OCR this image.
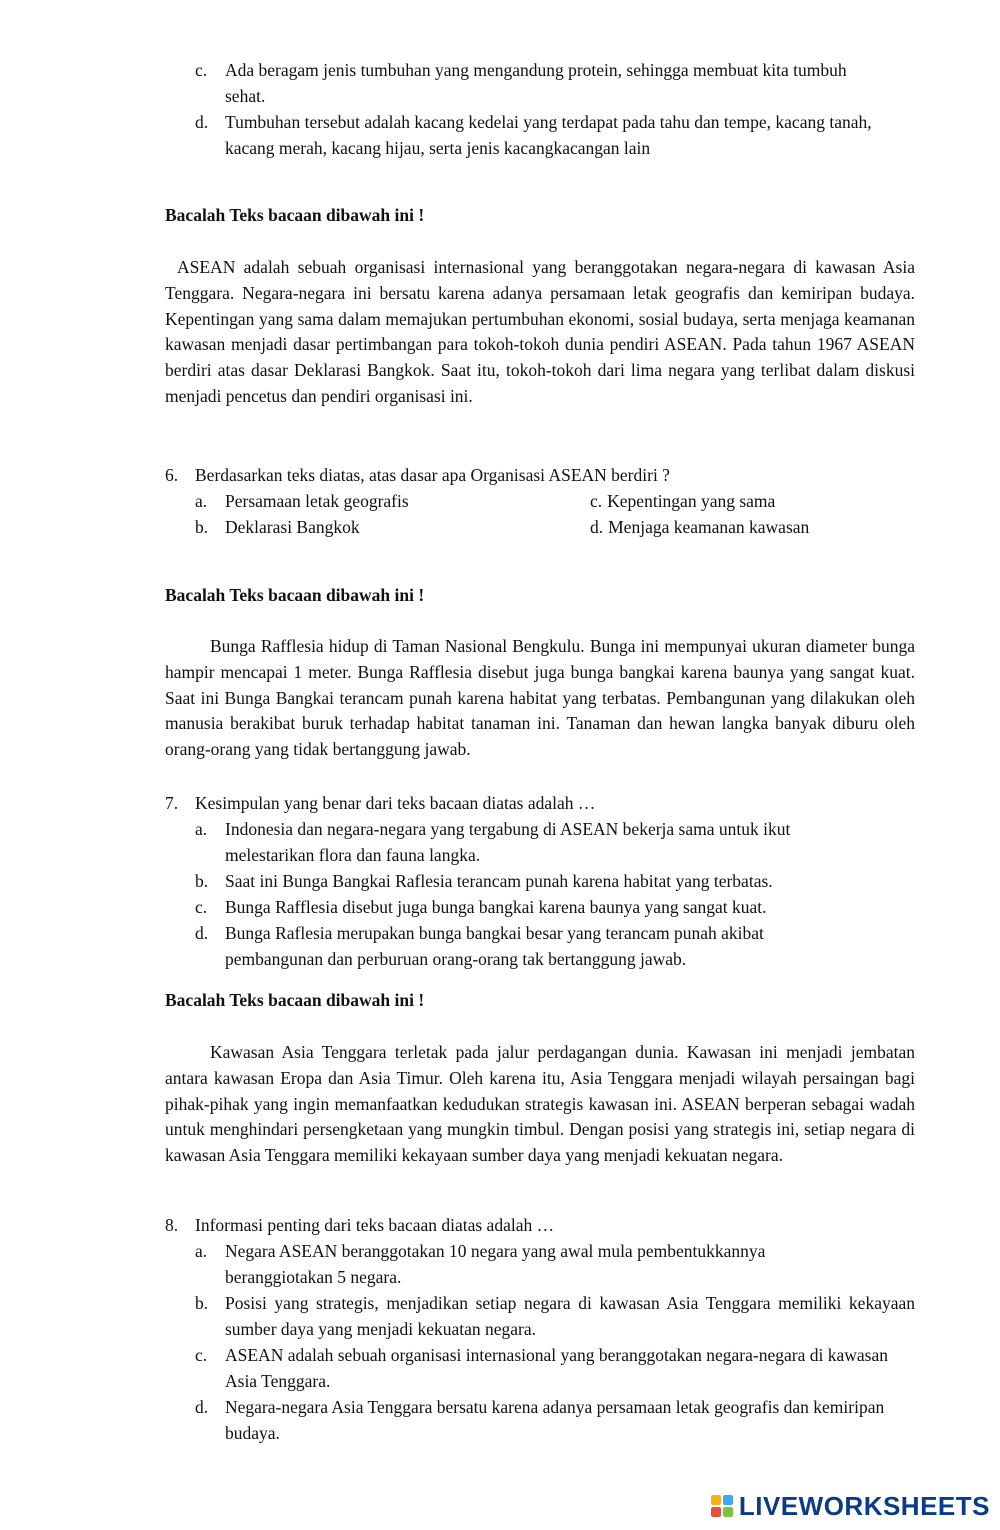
c.	Ada beragam jenis tumbuhan yang mengandung protein, sehingga membuat kita tumbuh sehat.
d. Tumbuhan tersebut adalah kacang kedelai yang terdapat pada tahu dan tempe, kacang tanah, kacang merah, kacang hijau, serta jenis kacangkacangan lain
Bacalah Teks bacaan dibawah ini !
ASEAN adalah sebuah organisasi internasional yang beranggotakan negara-negara di kawasan Asia Tenggara. Negara-negara ini bersatu karena adanya persamaan letak geografis dan kemiripan budaya. Kepentingan yang sama dalam memajukan pertumbuhan ekonomi, sosial budaya, serta menjaga keamanan kawasan menjadi dasar pertimbangan para tokoh-tokoh dunia pendiri ASEAN. Pada tahun 1967 ASEAN berdiri atas dasar Deklarasi Bangkok. Saat itu, tokoh-tokoh dari lima negara yang terlibat dalam diskusi menjadi pencetus dan pendiri organisasi ini.
6. Berdasarkan teks diatas, atas dasar apa Organisasi ASEAN berdiri ?
a.	Persamaan letak geografis	c. Kepentingan yang sama
b. Deklarasi Bangkok	d. Menjaga keamanan kawasan
Bacalah Teks bacaan dibawah ini !
Bunga Rafflesia hidup di Taman Nasional Bengkulu. Bunga ini mempunyai ukuran diameter bunga hampir mencapai 1 meter. Bunga Rafflesia disebut juga bunga bangkai karena baunya yang sangat kuat. Saat ini Bunga Bangkai terancam punah karena habitat yang terbatas. Pembangunan yang dilakukan oleh manusia berakibat buruk terhadap habitat tanaman ini. Tanaman dan hewan langka banyak diburu oleh orang-orang yang tidak bertanggung jawab.
7. Kesimpulan yang benar dari teks bacaan diatas adalah …
a.	Indonesia dan negara-negara yang tergabung di ASEAN bekerja sama untuk ikut melestarikan flora dan fauna langka.
b. Saat ini Bunga Bangkai Raflesia terancam punah karena habitat yang terbatas.
c.	Bunga Rafflesia disebut juga bunga bangkai karena baunya yang sangat kuat.
d. Bunga Raflesia merupakan bunga bangkai besar yang terancam punah akibat pembangunan dan perburuan orang-orang tak bertanggung jawab.
Bacalah Teks bacaan dibawah ini !
Kawasan Asia Tenggara terletak pada jalur perdagangan dunia. Kawasan ini menjadi jembatan antara kawasan Eropa dan Asia Timur. Oleh karena itu, Asia Tenggara menjadi wilayah persaingan bagi pihak-pihak yang ingin memanfaatkan kedudukan strategis kawasan ini. ASEAN berperan sebagai wadah untuk menghindari persengketaan yang mungkin timbul. Dengan posisi yang strategis ini, setiap negara di kawasan Asia Tenggara memiliki kekayaan sumber daya yang menjadi kekuatan negara.
8. Informasi penting dari teks bacaan diatas adalah …
a.	Negara ASEAN beranggotakan 10 negara yang awal mula pembentukkannya beranggiotakan 5 negara.
b. Posisi yang strategis, menjadikan setiap negara di kawasan Asia Tenggara memiliki kekayaan sumber daya yang menjadi kekuatan negara.
c.	ASEAN adalah sebuah organisasi internasional yang beranggotakan negara-negara di kawasan Asia Tenggara.
d. Negara-negara Asia Tenggara bersatu karena adanya persamaan letak geografis dan kemiripan budaya.
LIVEWORKSHEETS
